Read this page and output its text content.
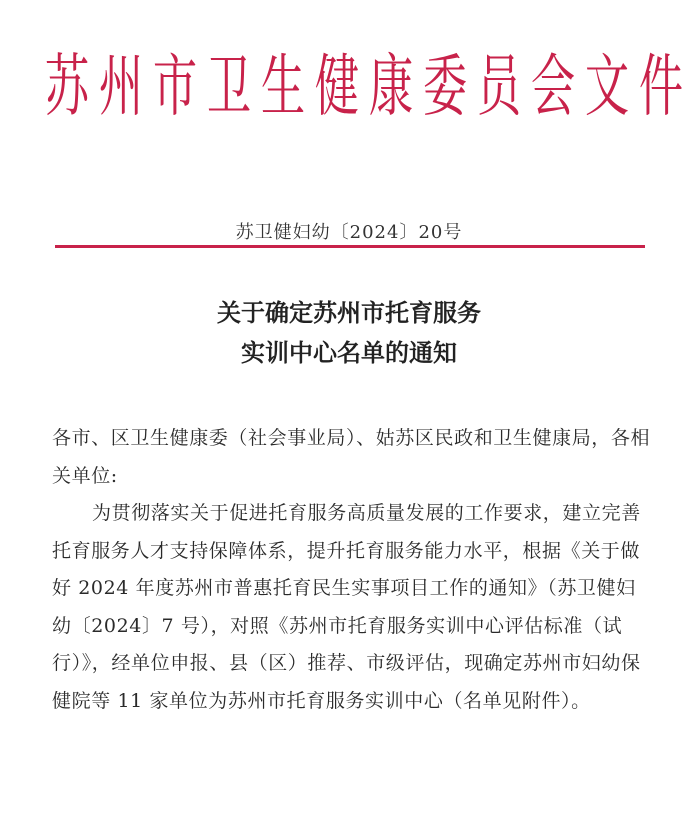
苏 州 市 卫 生 健 康 委 员 会 文 件
苏卫健妇幼〔2024〕20号
关于确定苏州市托育服务
实训中心名单的通知

各市、区卫生健康委（社会事业局）、姑苏区民政和卫生健康局，各相关单位:

为贯彻落实关于促进托育服务高质量发展的工作要求，建立完善托育服务人才支持保障体系，提升托育服务能力水平，根据《关于做好 2024 年度苏州市普惠托育民生实事项目工作的通知》（苏卫健妇幼〔2024〕7 号），对照《苏州市托育服务实训中心评估标准（试行）》，经单位申报、县（区）推荐、市级评估，现确定苏州市妇幼保健院等 11 家单位为苏州市托育服务实训中心（名单见附件）。
